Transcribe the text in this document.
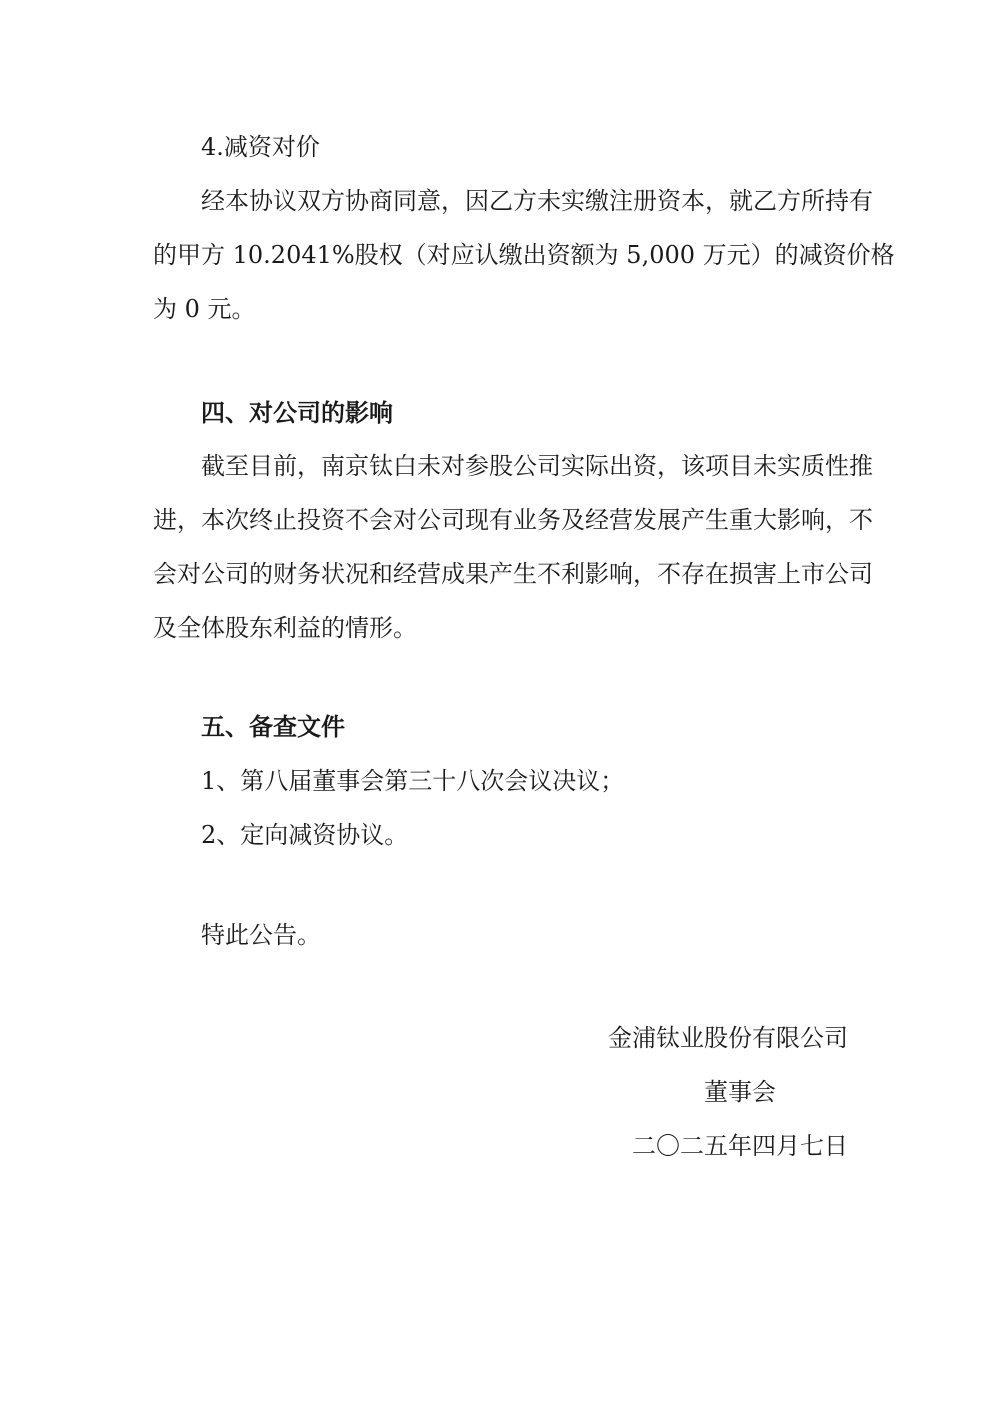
4.减资对价
经本协议双方协商同意，因乙方未实缴注册资本，就乙方所持有
的甲方 10.2041%股权（对应认缴出资额为 5,000 万元）的减资价格
为 0 元。
四、对公司的影响
截至目前，南京钛白未对参股公司实际出资，该项目未实质性推
进，本次终止投资不会对公司现有业务及经营发展产生重大影响，不
会对公司的财务状况和经营成果产生不利影响，不存在损害上市公司
及全体股东利益的情形。
五、备查文件
1、第八届董事会第三十八次会议决议；
2、定向减资协议。
特此公告。
金浦钛业股份有限公司
董事会
二〇二五年四月七日
